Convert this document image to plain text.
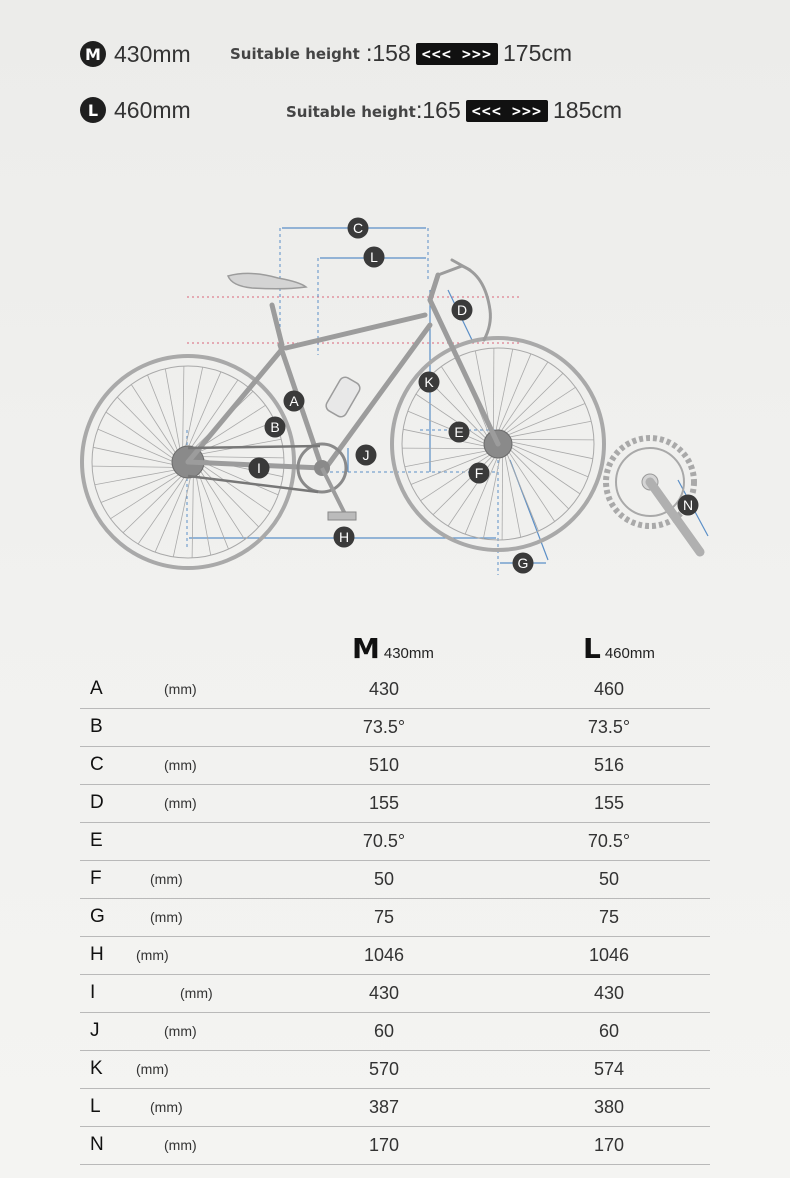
M 430mm	Suitable height :158 <<< >>> 175cm
L 460mm	Suitable height :165 <<< >>> 185cm
C
L
D
A
K
B	E
J
I	F
H
G
N
M 430mm	L 460mm
A	(mm)	430	460
B	73.5°	73.5°
C	(mm)	510	516
D	(mm)	155	155
E	70.5°	70.5°
F	(mm)	50	50
G	(mm)	75	75
H (mm)	1046	1046
I	(mm)	430	430
J	(mm)	60	60
K (mm)	570	574
L	(mm)	387	380
N	(mm)	170	170
